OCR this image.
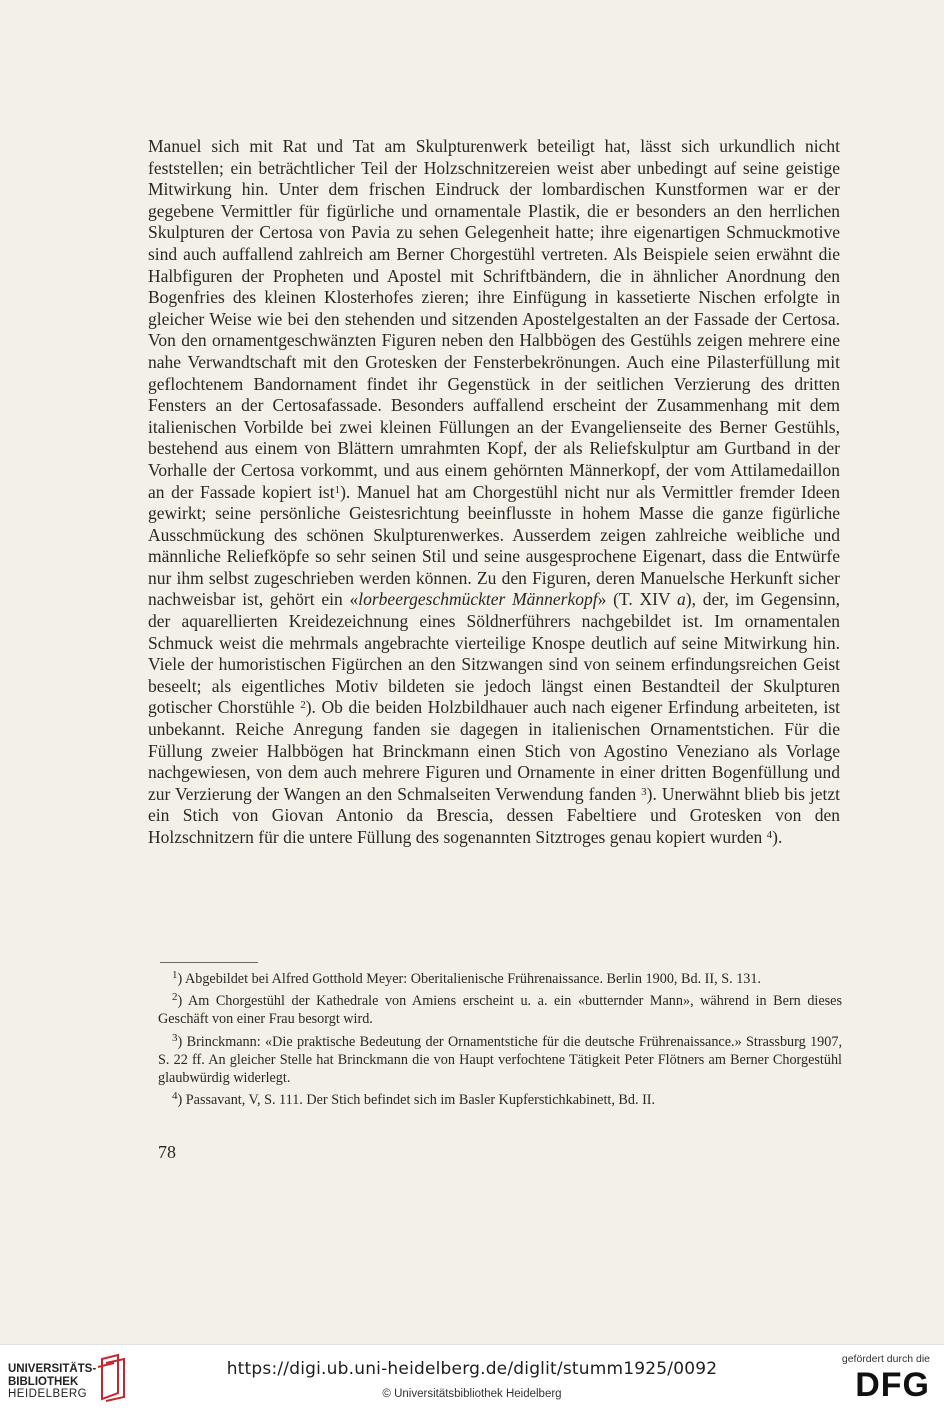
Manuel sich mit Rat und Tat am Skulpturenwerk beteiligt hat, lässt sich urkundlich nicht feststellen; ein beträchtlicher Teil der Holzschnitzereien weist aber unbedingt auf seine geistige Mitwirkung hin. Unter dem frischen Eindruck der lombardischen Kunstformen war er der gegebene Vermittler für figürliche und ornamentale Plastik, die er besonders an den herrlichen Skulpturen der Certosa von Pavia zu sehen Gelegenheit hatte; ihre eigenartigen Schmuckmotive sind auch auffallend zahlreich am Berner Chorgestühl vertreten. Als Beispiele seien erwähnt die Halbfiguren der Propheten und Apostel mit Schriftbändern, die in ähnlicher Anordnung den Bogenfries des kleinen Klosterhofes zieren; ihre Einfügung in kassetierte Nischen erfolgte in gleicher Weise wie bei den stehenden und sitzenden Apostelgestalten an der Fassade der Certosa. Von den ornamentgeschwänzten Figuren neben den Halbbögen des Gestühls zeigen mehrere eine nahe Verwandtschaft mit den Grotesken der Fensterbekrönungen. Auch eine Pilasterfüllung mit geflochtenem Bandornament findet ihr Gegenstück in der seitlichen Verzierung des dritten Fensters an der Certosafassade. Besonders auffallend erscheint der Zusammenhang mit dem italienischen Vorbilde bei zwei kleinen Füllungen an der Evangelienseite des Berner Gestühls, bestehend aus einem von Blättern umrahmten Kopf, der als Reliefskulptur am Gurtband in der Vorhalle der Certosa vorkommt, und aus einem gehörnten Männerkopf, der vom Attilamedaillon an der Fassade kopiert ist$^1$). Manuel hat am Chorgestühl nicht nur als Vermittler fremder Ideen gewirkt; seine persönliche Geistesrichtung beeinflusste in hohem Masse die ganze figürliche Ausschmückung des schönen Skulpturenwerkes. Ausserdem zeigen zahlreiche weibliche und männliche Reliefköpfe so sehr seinen Stil und seine ausgesprochene Eigenart, dass die Entwürfe nur ihm selbst zugeschrieben werden können. Zu den Figuren, deren Manuelsche Herkunft sicher nachweisbar ist, gehört ein «lorbeergeschmückter Männerkopf» (T. XIV a), der, im Gegensinn, der aquarellierten Kreidezeichnung eines Söldnerführers nachgebildet ist. Im ornamentalen Schmuck weist die mehrmals angebrachte vierteilige Knospe deutlich auf seine Mitwirkung hin. Viele der humoristischen Figürchen an den Sitzwangen sind von seinem erfindungsreichen Geist beseelt; als eigentliches Motiv bildeten sie jedoch längst einen Bestandteil der Skulpturen gotischer Chorstühle $^2$). Ob die beiden Holzbildhauer auch nach eigener Erfindung arbeiteten, ist unbekannt. Reiche Anregung fanden sie dagegen in italienischen Ornamentstichen. Für die Füllung zweier Halbbögen hat Brinckmann einen Stich von Agostino Veneziano als Vorlage nachgewiesen, von dem auch mehrere Figuren und Ornamente in einer dritten Bogenfüllung und zur Verzierung der Wangen an den Schmalseiten Verwendung fanden $^3$). Unerwähnt blieb bis jetzt ein Stich von Giovan Antonio da Brescia, dessen Fabeltiere und Grotesken von den Holzschnitzern für die untere Füllung des sogenannten Sitztroges genau kopiert wurden $^4$).

$^1$) Abgebildet bei Alfred Gotthold Meyer: Oberitalienische Frührenaissance. Berlin 1900, Bd. II, S. 131.

$^2$) Am Chorgestühl der Kathedrale von Amiens erscheint u. a. ein «butternder Mann», während in Bern dieses Geschäft von einer Frau besorgt wird.

$^3$) Brinckmann: «Die praktische Bedeutung der Ornamentstiche für die deutsche Frührenaissance.» Strassburg 1907, S. 22 ff. An gleicher Stelle hat Brinckmann die von Haupt verfochtene Tätigkeit Peter Flötners am Berner Chorgestühl glaubwürdig widerlegt.

$^4$) Passavant, V, S. 111. Der Stich befindet sich im Basler Kupferstichkabinett, Bd. II.

78
UNIVERSITÄTS-
BIBLIOTHEK
HEIDELBERG
https://digi.ub.uni-heidelberg.de/diglit/stumm1925/0092
© Universitätsbibliothek Heidelberg
gefördert durch die
DFG
